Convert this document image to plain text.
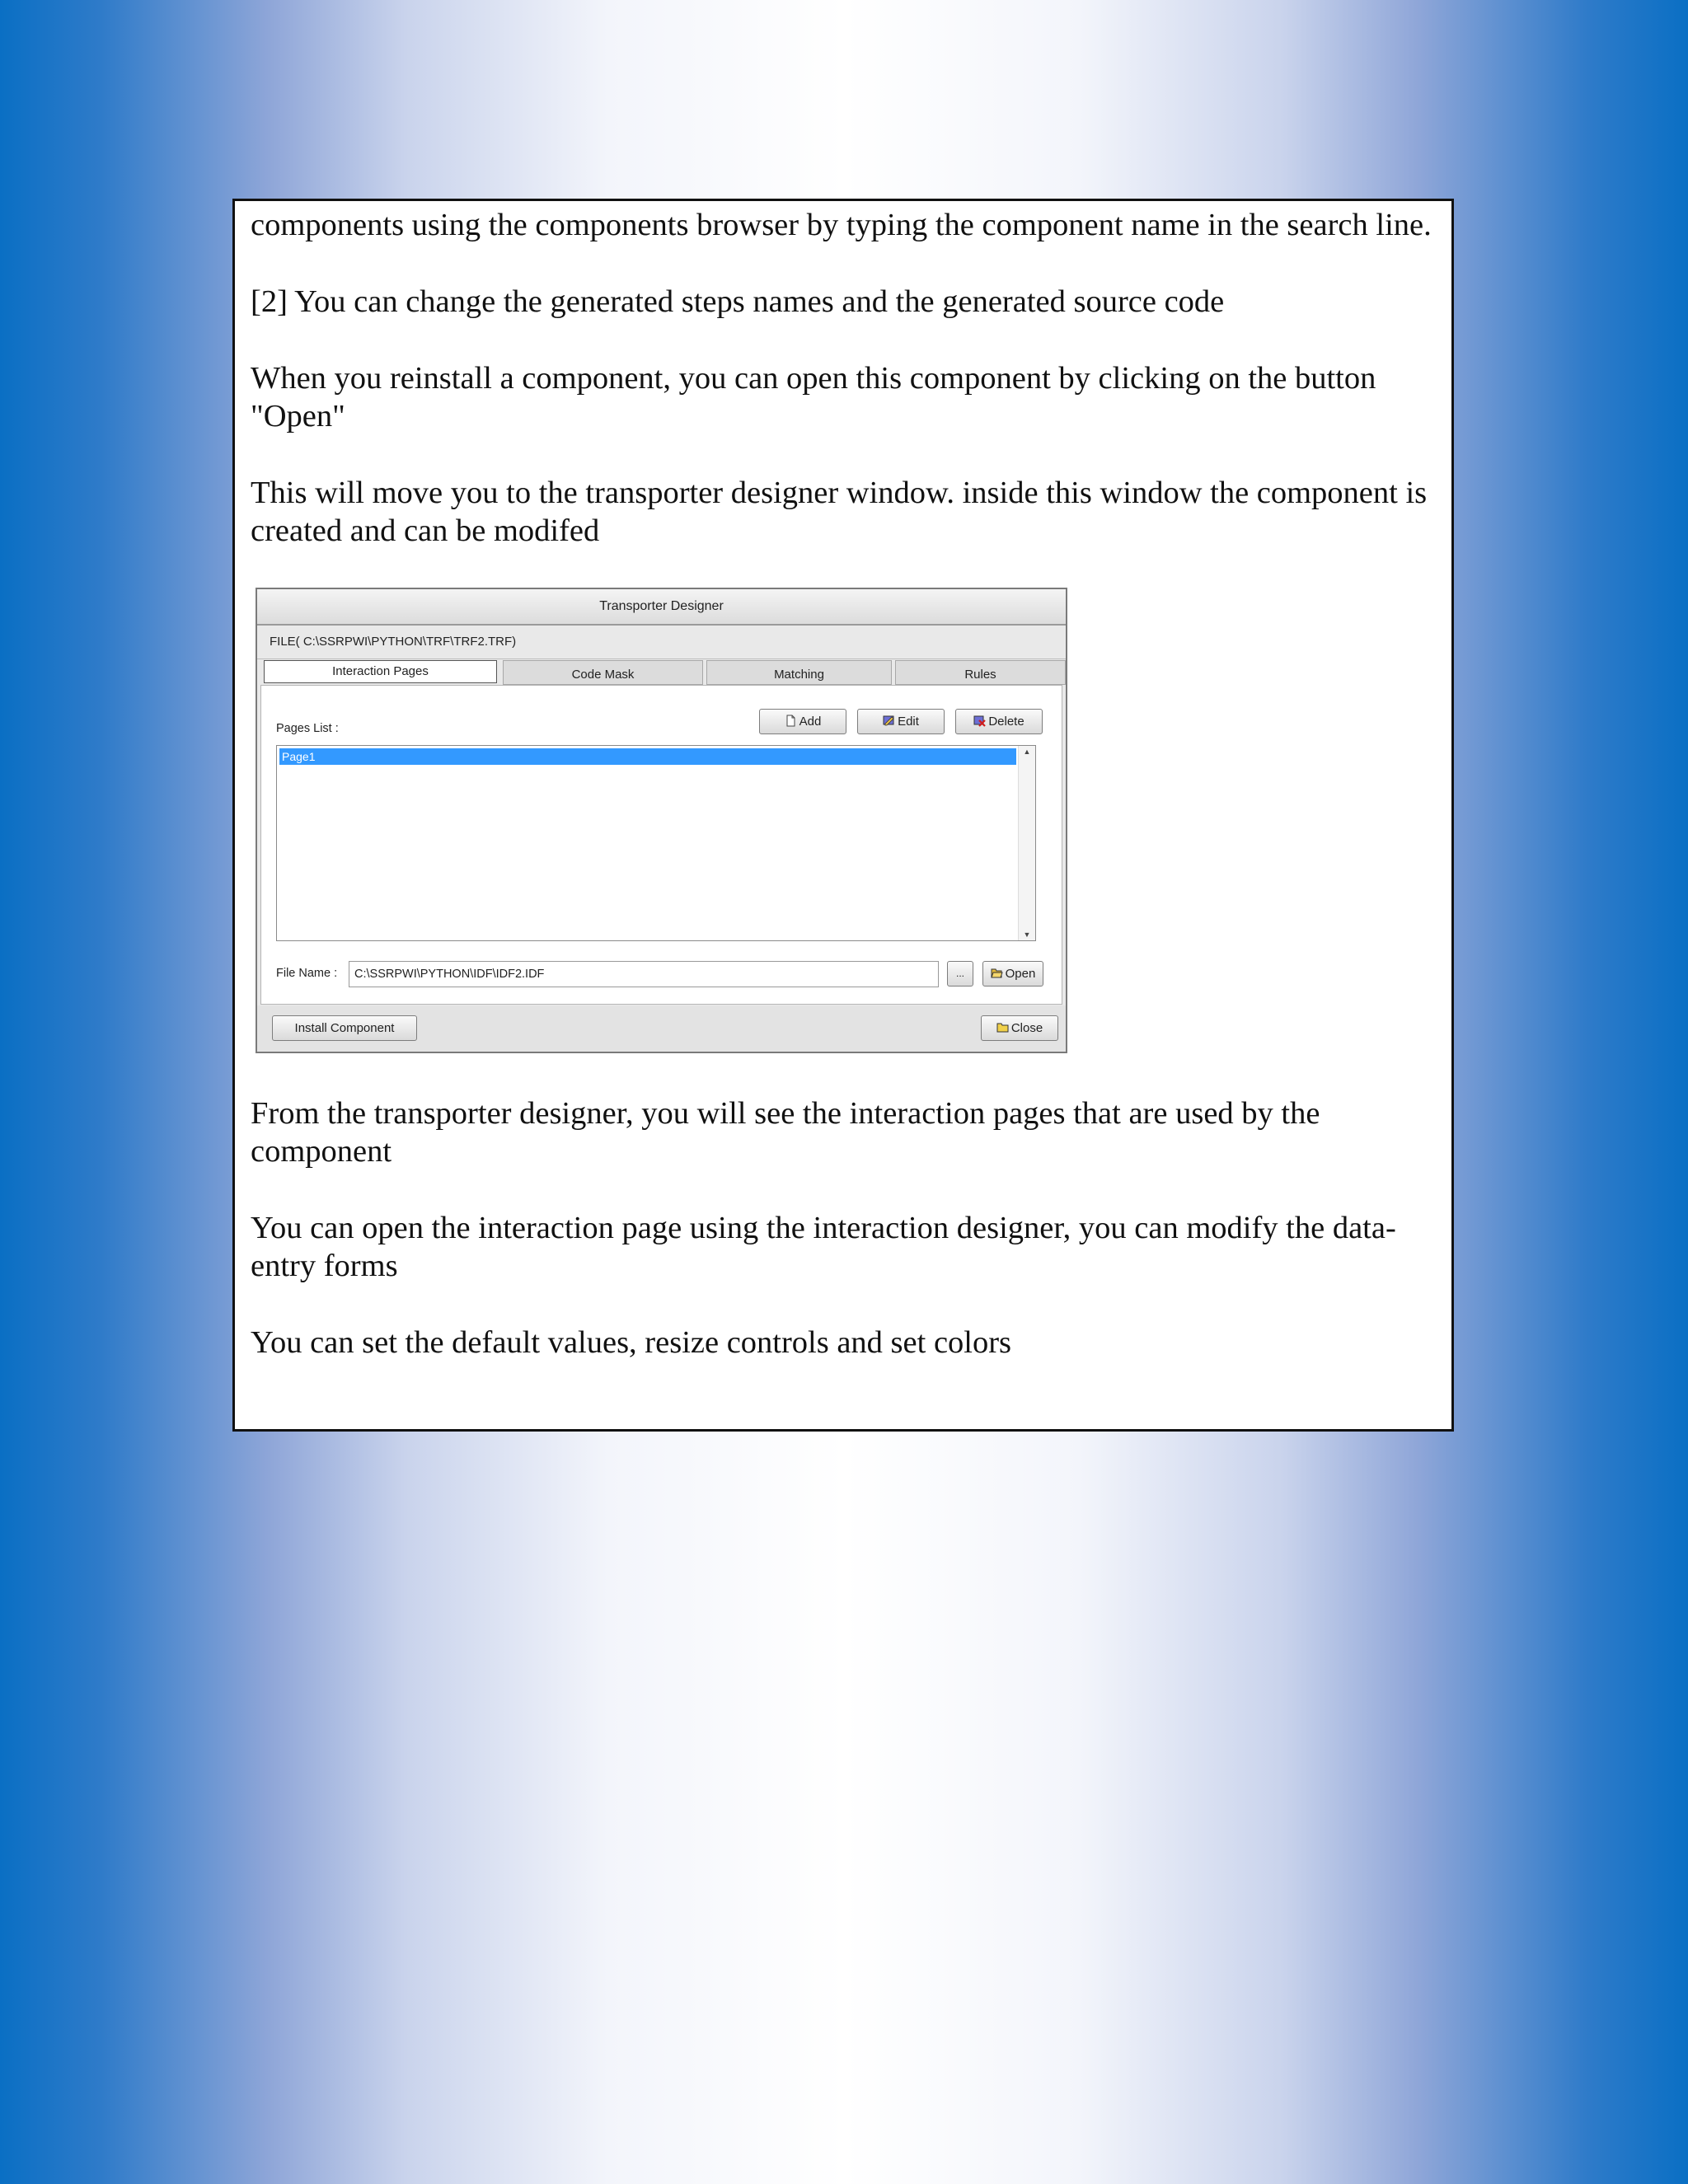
components using the components browser by typing the component name in the search line.

[2] You can change the generated steps names and the generated source code

When you reinstall a component, you can open this component by clicking on the button "Open"

This will move you to the transporter designer window. inside this window the component is created and can be modifed

Transporter Designer
FILE( C:\SSRPWI\PYTHON\TRF\TRF2.TRF)
Interaction Pages	Code Mask	Matching	Rules
Pages List :	Add	Edit	Delete
Page1	▲
▼
File Name :	C:\SSRPWI\PYTHON\IDF\IDF2.IDF	...	Open
Install Component	Close

From the transporter designer, you will see the interaction pages that are used by the component

You can open the interaction page using the interaction designer, you can modify the data-entry forms

You can set the default values, resize controls and set colors
